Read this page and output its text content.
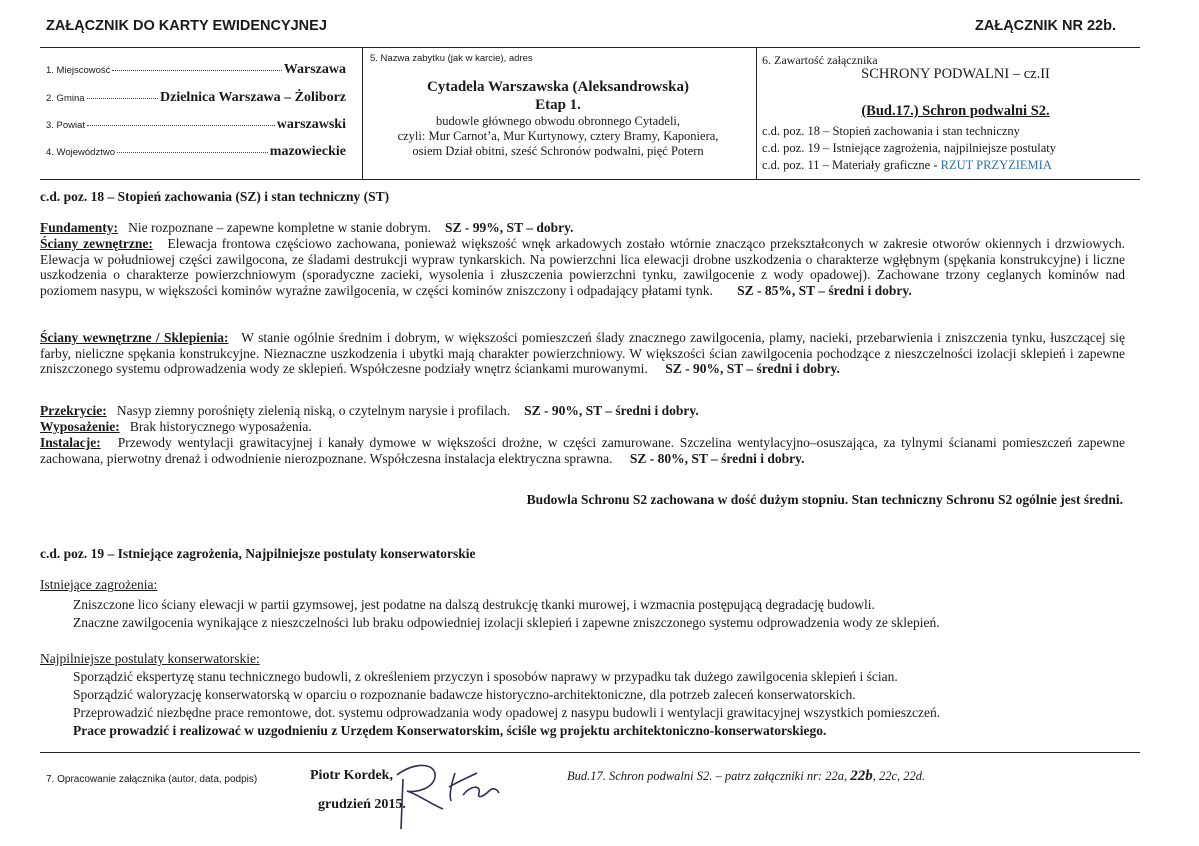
ZAŁĄCZNIK DO KARTY EWIDENCYJNEJ	ZAŁĄCZNIK NR 22b.
1. Miejscowość	Warszawa
2. Gmina	Dzielnica Warszawa – Żoliborz
3. Powiat	warszawski
4. Województwo	mazowieckie
5. Nazwa zabytku (jak w karcie), adres
Cytadela Warszawska (Aleksandrowska)
Etap 1.
budowle głównego obwodu obronnego Cytadeli,
czyli: Mur Carnot’a, Mur Kurtynowy, cztery Bramy, Kaponiera,
osiem Dział obitni, sześć Schronów podwalni, pięć Potern
6. Zawartość załącznika
SCHRONY PODWALNI – cz.II
(Bud.17.) Schron podwalni S2.
c.d. poz. 18 – Stopień zachowania i stan techniczny
c.d. poz. 19 – Istniejące zagrożenia, najpilniejsze postulaty
c.d. poz. 11 – Materiały graficzne - RZUT PRZYZIEMIA
c.d. poz. 18 – Stopień zachowania (SZ) i stan techniczny (ST)
Fundamenty: Nie rozpoznane – zapewne kompletne w stanie dobrym. SZ - 99%, ST – dobry.
Ściany zewnętrzne: Elewacja frontowa częściowo zachowana, ponieważ większość wnęk arkadowych zostało wtórnie znacząco przekształconych w zakresie otworów okiennych i drzwiowych. Elewacja w południowej części zawilgocona, ze śladami destrukcji wypraw tynkarskich. Na powierzchni lica elewacji drobne uszkodzenia o charakterze wgłębnym (spękania konstrukcyjne) i liczne uszkodzenia o charakterze powierzchniowym (sporadyczne zacieki, wysolenia i złuszczenia powierzchni tynku, zawilgocenie z wody opadowej). Zachowane trzony ceglanych kominów nad poziomem nasypu, w większości kominów wyraźne zawilgocenia, w części kominów zniszczony i odpadający płatami tynk. SZ - 85%, ST – średni i dobry.
Ściany wewnętrzne / Sklepienia: W stanie ogólnie średnim i dobrym, w większości pomieszczeń ślady znacznego zawilgocenia, plamy, nacieki, przebarwienia i zniszczenia tynku, łuszczącej się farby, nieliczne spękania konstrukcyjne. Nieznaczne uszkodzenia i ubytki mają charakter powierzchniowy. W większości ścian zawilgocenia pochodzące z nieszczelności izolacji sklepień i zapewne zniszczonego systemu odprowadzenia wody ze sklepień. Współczesne podziały wnętrz ściankami murowanymi. SZ - 90%, ST – średni i dobry.
Przekrycie: Nasyp ziemny porośnięty zielenią niską, o czytelnym narysie i profilach. SZ - 90%, ST – średni i dobry.
Wyposażenie: Brak historycznego wyposażenia.
Instalacje: Przewody wentylacji grawitacyjnej i kanały dymowe w większości drożne, w części zamurowane. Szczelina wentylacyjno–osuszająca, za tylnymi ścianami pomieszczeń zapewne zachowana, pierwotny drenaż i odwodnienie nierozpoznane. Współczesna instalacja elektryczna sprawna. SZ - 80%, ST – średni i dobry.
Budowla Schronu S2 zachowana w dość dużym stopniu. Stan techniczny Schronu S2 ogólnie jest średni.
c.d. poz. 19 – Istniejące zagrożenia, Najpilniejsze postulaty konserwatorskie
Istniejące zagrożenia:
Zniszczone lico ściany elewacji w partii gzymsowej, jest podatne na dalszą destrukcję tkanki murowej, i wzmacnia postępującą degradację budowli.
Znaczne zawilgocenia wynikające z nieszczelności lub braku odpowiedniej izolacji sklepień i zapewne zniszczonego systemu odprowadzenia wody ze sklepień.
Najpilniejsze postulaty konserwatorskie:
Sporządzić ekspertyzę stanu technicznego budowli, z określeniem przyczyn i sposobów naprawy w przypadku tak dużego zawilgocenia sklepień i ścian.
Sporządzić waloryzację konserwatorską w oparciu o rozpoznanie badawcze historyczno-architektoniczne, dla potrzeb zaleceń konserwatorskich.
Przeprowadzić niezbędne prace remontowe, dot. systemu odprowadzania wody opadowej z nasypu budowli i wentylacji grawitacyjnej wszystkich pomieszczeń.
Prace prowadzić i realizować w uzgodnieniu z Urzędem Konserwatorskim, ściśle wg projektu architektoniczno-konserwatorskiego.
7. Opracowanie załącznika (autor, data, podpis)	Piotr Kordek,
grudzień 2015.
Bud.17. Schron podwalni S2. – patrz załączniki nr: 22a, 22b, 22c, 22d.
